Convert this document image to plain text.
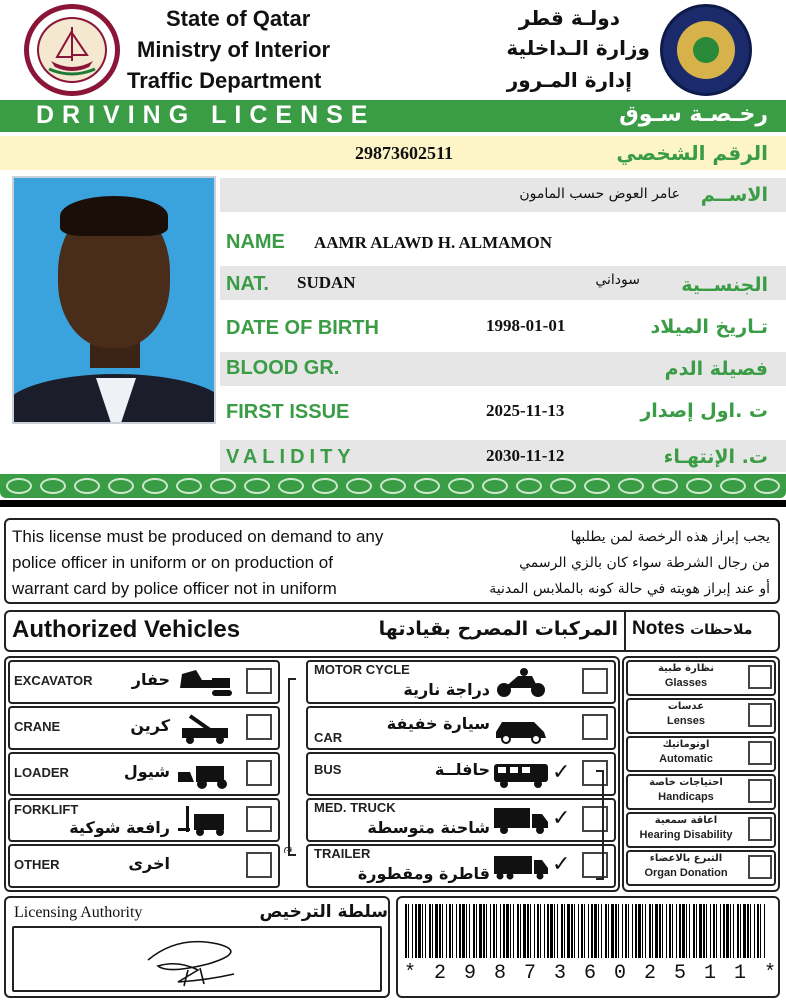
State of Qatar
Ministry of Interior
Traffic Department
دولـة قطر
وزارة الـداخلية
إدارة المـرور
DRIVING LICENSE	رخـصـة سـوق
29873602511	الرقم الشخصي
عامر العوض حسب المامون الاســم
NAME AAMR ALAWD H. ALMAMON
NAT. SUDAN	سوداني الجنســية
DATE OF BIRTH	1998-01-01	تـاريخ الميلاد
BLOOD GR.	فصيلة الدم
FIRST ISSUE	2025-11-13	ت .اول إصدار
VALIDITY	2030-11-12	ت. الإنتهـاء
This license must be produced on demand to any
police officer in uniform or on production of
warrant card by police officer not in uniform
يجب إبراز هذه الرخصة لمن يطلبها
من رجال الشرطة سواء كان بالزي الرسمي
أو عند إبراز هويته في حالة كونه بالملابس المدنية
Authorized Vehicles	المركبات المصرح بقيادتها Notes ملاحظات
EXCAVATOR	حفار
CRANE	كرين
LOADER	شيول
FORKLIFT
رافعة شوكية
OTHER	اخرى
MOTOR CYCLE
دراجة نارية
CAR
سيارة خفيفة
BUS	حافلــة	✓
MED. TRUCK
شاحنة متوسطة	✓
TRAILER
قاطرة ومقطورة	✓
ج
نظارة طبية
Glasses
عدسات
Lenses
اوتوماتيك
Automatic
احتياجات خاصة
Handicaps
اعاقة سمعية
Hearing Disability
التبرع بالاعضاء
Organ Donation
Licensing Authority	سلطة الترخيص
* 2 9 8 7 3 6 0 2 5 1 1 *
